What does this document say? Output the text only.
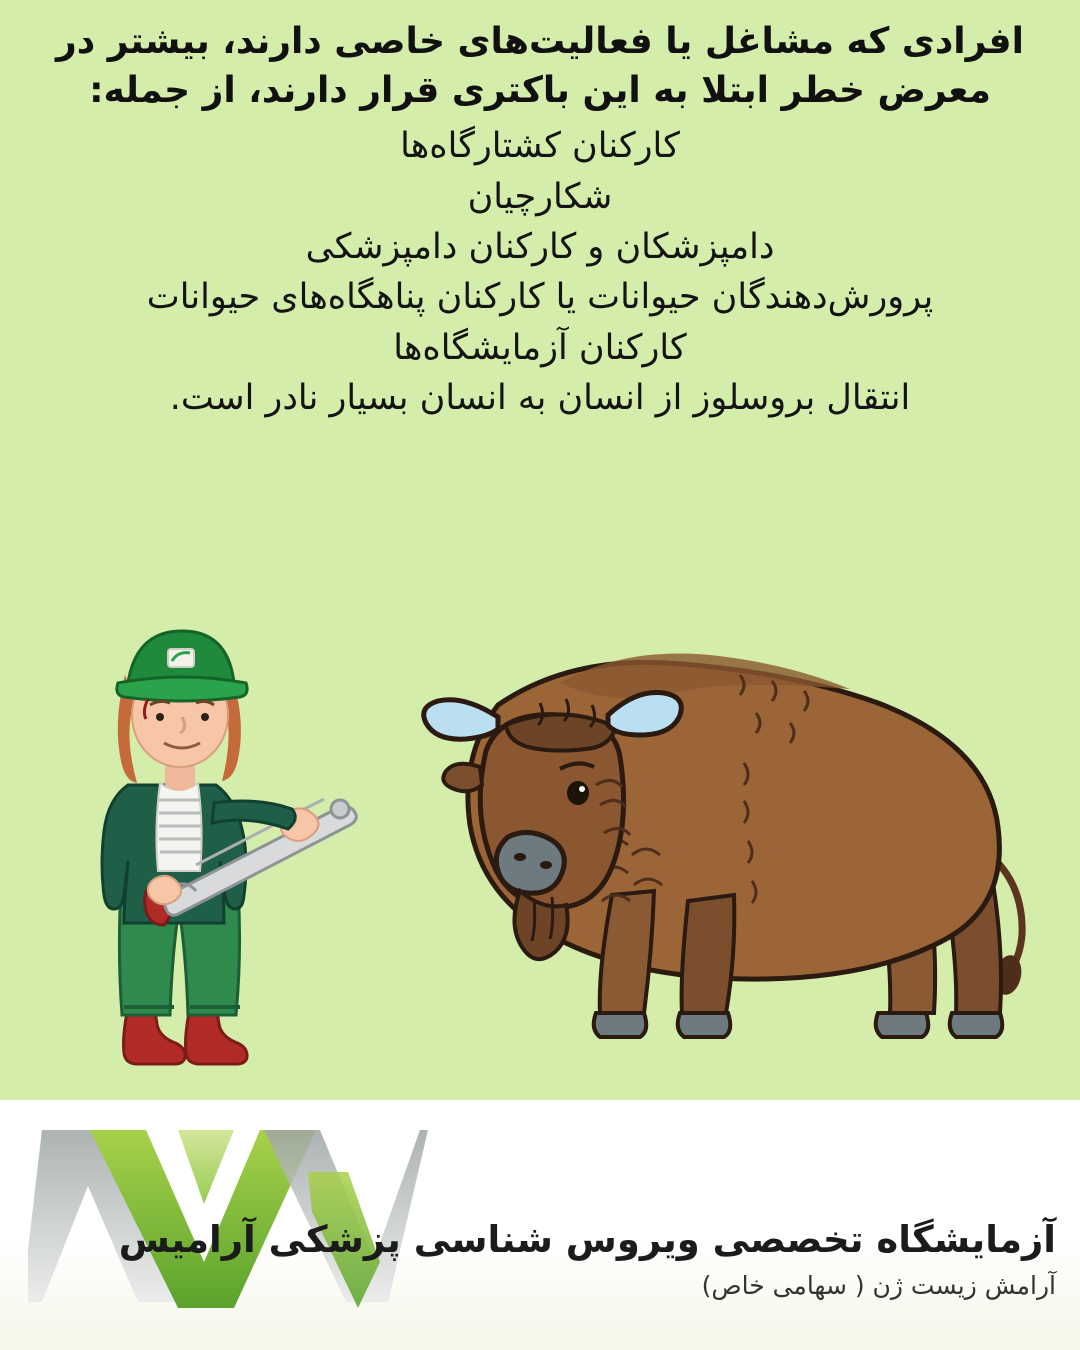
افرادی که مشاغل یا فعالیت‌های خاصی دارند، بیشتر در معرض خطر ابتلا به این باکتری قرار دارند، از جمله:
کارکنان کشتارگاه‌ها
شکارچیان
دامپزشکان و کارکنان دامپزشکی
پرورش‌دهندگان حیوانات یا کارکنان پناهگاه‌های حیوانات
کارکنان آزمایشگاه‌ها
انتقال بروسلوز از انسان به انسان بسیار نادر است.
آزمایشگاه تخصصی ویروس شناسی پزشکی آرامیس
آرامش زیست ژن ( سهامی خاص)
